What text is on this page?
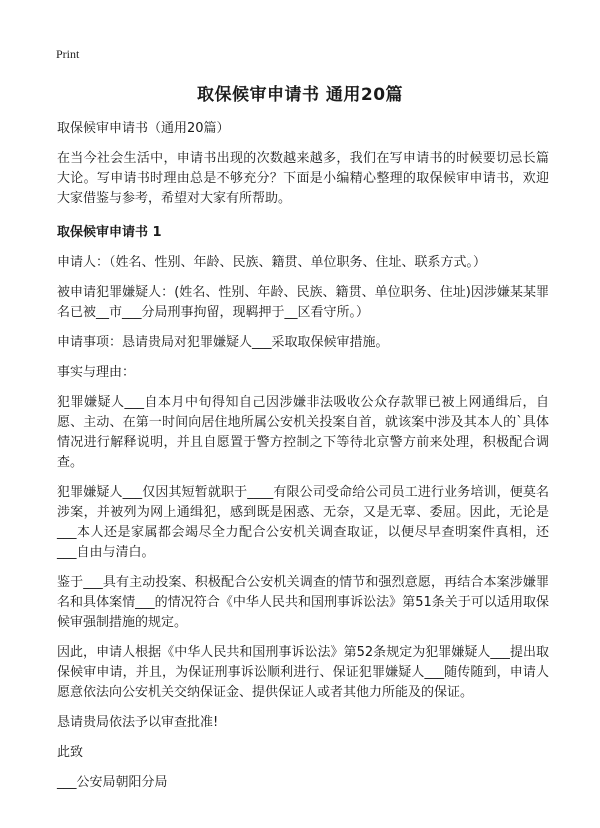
Print
取保候审申请书 通用20篇

取保候审申请书（通用20篇）

在当今社会生活中，申请书出现的次数越来越多，我们在写申请书的时候要切忌长篇大论。写申请书时理由总是不够充分？下面是小编精心整理的取保候审申请书，欢迎大家借鉴与参考，希望对大家有所帮助。

取保候审申请书 1

申请人：（姓名、性别、年龄、民族、籍贯、单位职务、住址、联系方式。）

被申请犯罪嫌疑人：(姓名、性别、年龄、民族、籍贯、单位职务、住址)因涉嫌某某罪名已被__市___分局刑事拘留，现羁押于__区看守所。）

申请事项：恳请贵局对犯罪嫌疑人___采取取保候审措施。

事实与理由：

犯罪嫌疑人___自本月中旬得知自己因涉嫌非法吸收公众存款罪已被上网通缉后，自愿、主动、在第一时间向居住地所属公安机关投案自首，就该案中涉及其本人的`具体情况进行解释说明，并且自愿置于警方控制之下等待北京警方前来处理，积极配合调查。

犯罪嫌疑人___仅因其短暂就职于____有限公司受命给公司员工进行业务培训，便莫名涉案，并被列为网上通缉犯，感到既是困惑、无奈，又是无辜、委屈。因此，无论是___本人还是家属都会竭尽全力配合公安机关调查取证，以便尽早查明案件真相，还___自由与清白。

鉴于___具有主动投案、积极配合公安机关调查的情节和强烈意愿，再结合本案涉嫌罪名和具体案情___的情况符合《中华人民共和国刑事诉讼法》第51条关于可以适用取保候审强制措施的规定。

因此，申请人根据《中华人民共和国刑事诉讼法》第52条规定为犯罪嫌疑人___提出取保候审申请，并且，为保证刑事诉讼顺利进行、保证犯罪嫌疑人___随传随到，申请人愿意依法向公安机关交纳保证金、提供保证人或者其他力所能及的保证。

恳请贵局依法予以审查批准!

此致

___公安局朝阳分局
